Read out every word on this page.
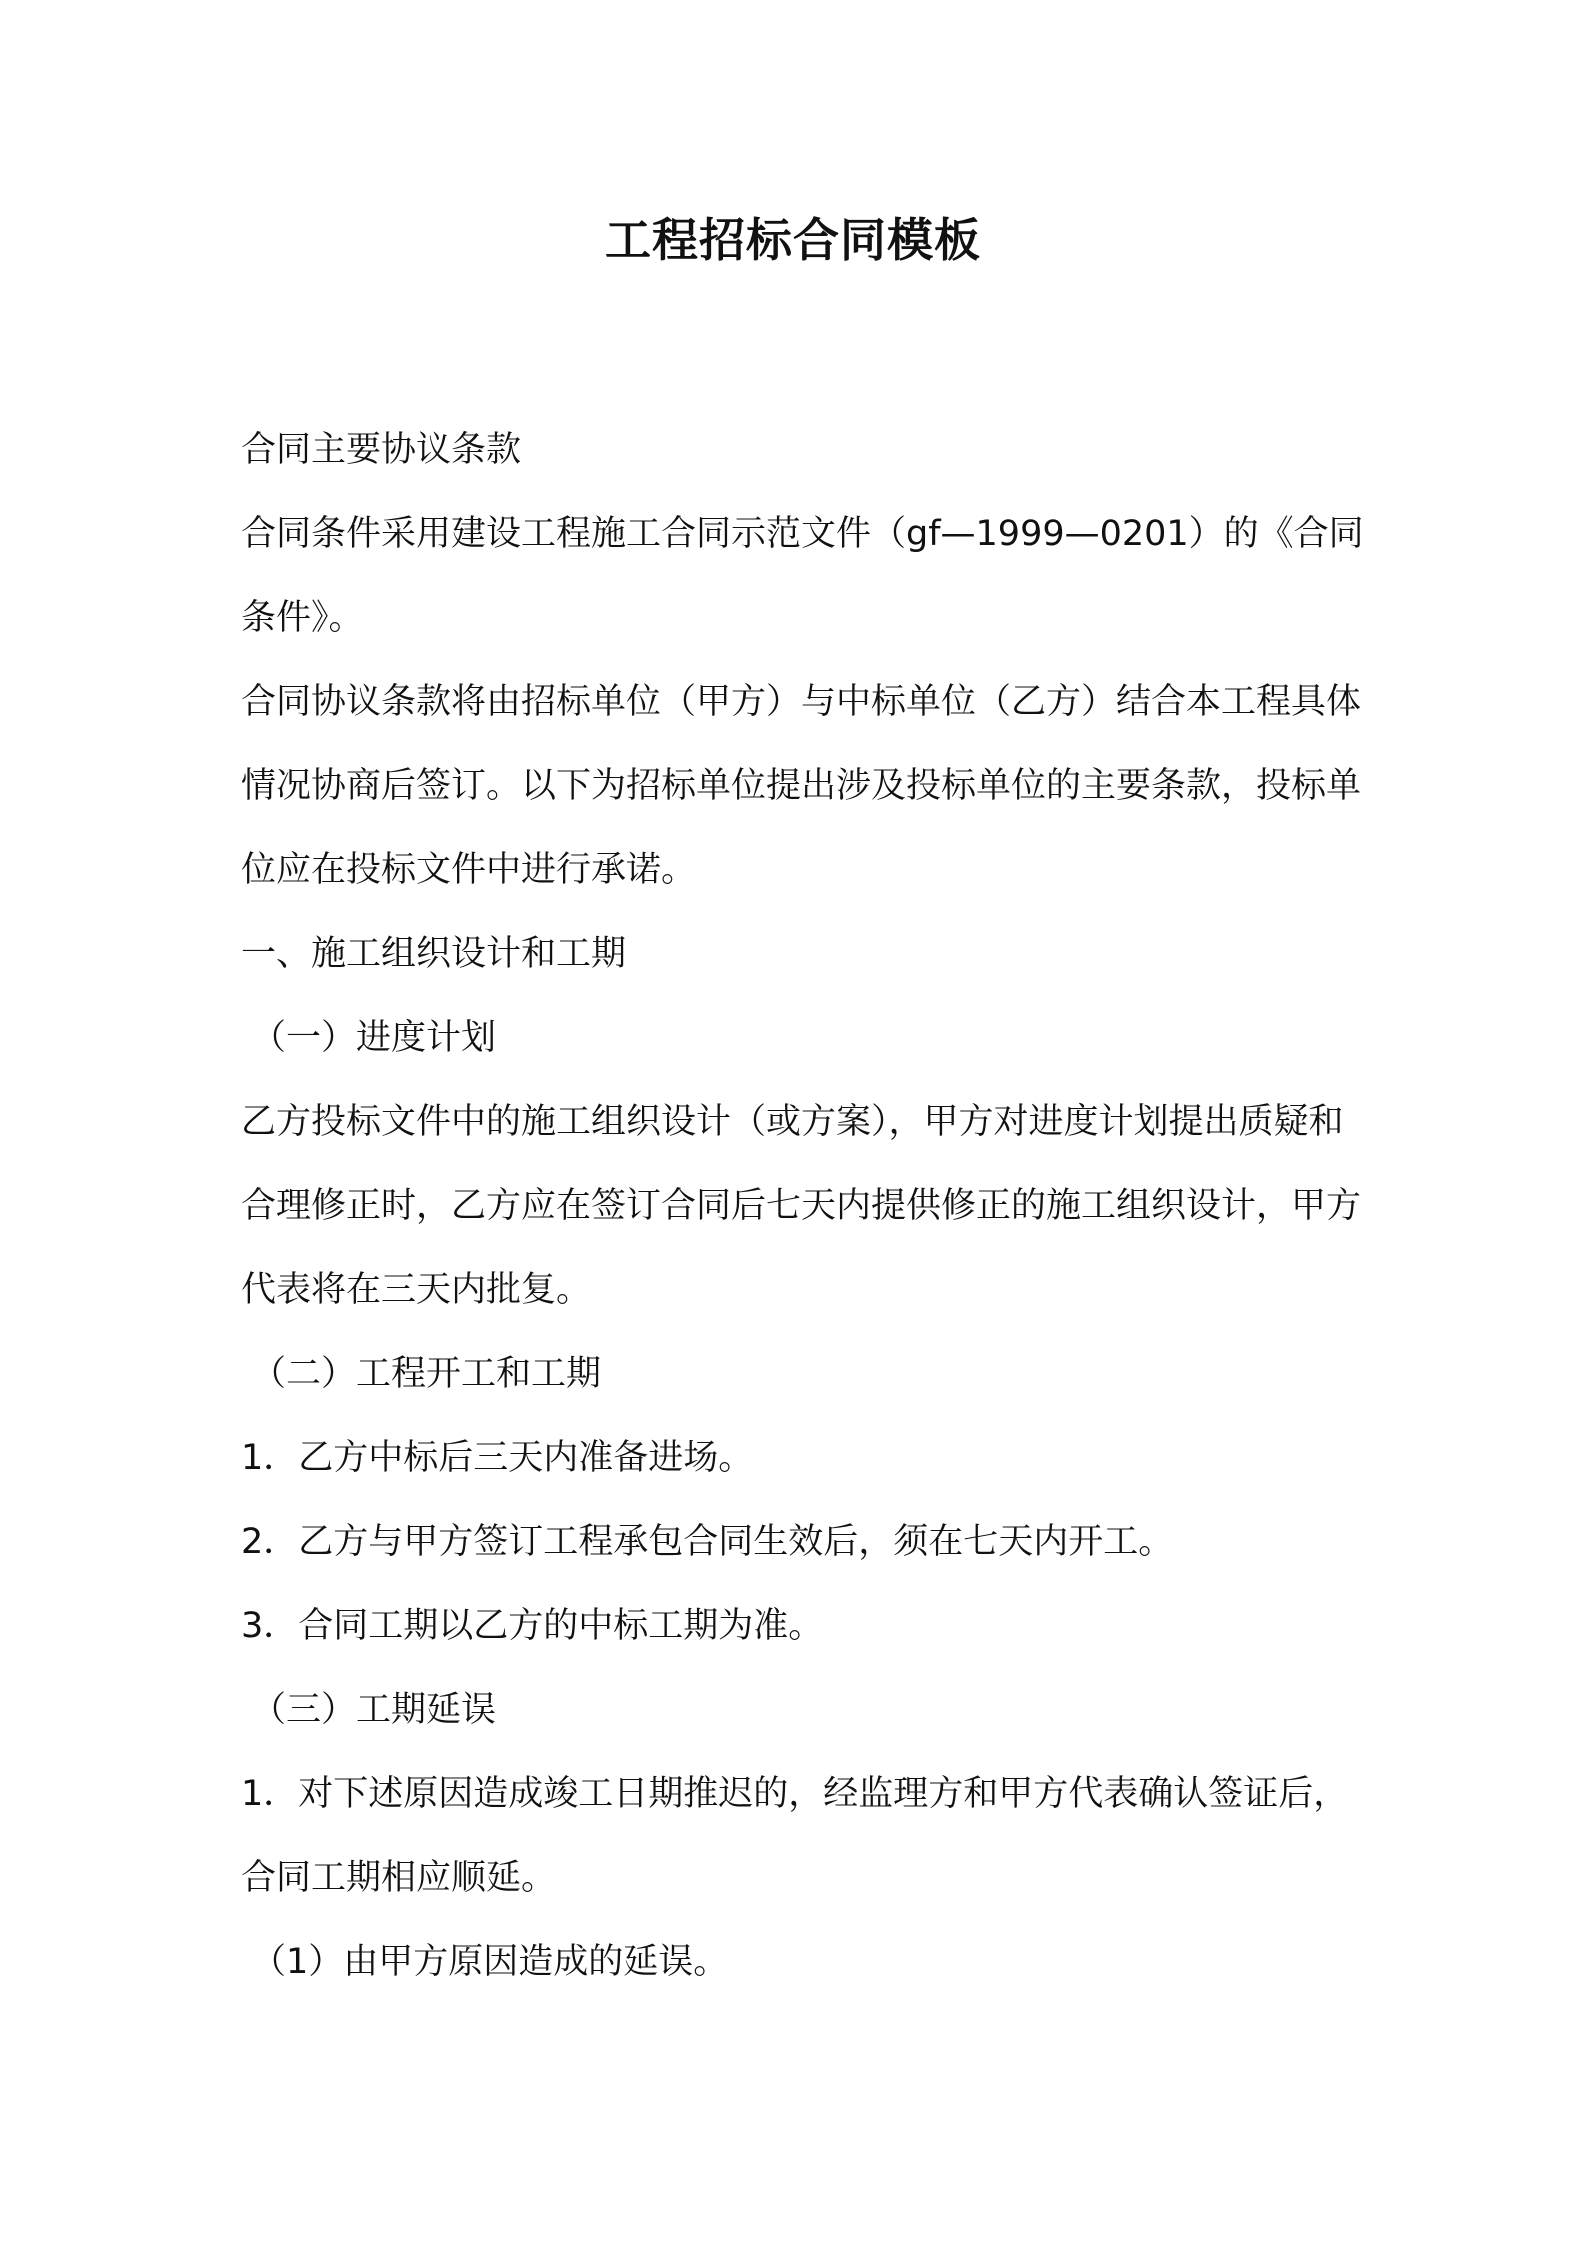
工程招标合同模板

合同主要协议条款

合同条件采用建设工程施工合同示范文件（gf—1999—0201）的《合同条件》。

合同协议条款将由招标单位（甲方）与中标单位（乙方）结合本工程具体情况协商后签订。以下为招标单位提出涉及投标单位的主要条款，投标单位应在投标文件中进行承诺。

一、施工组织设计和工期

（一）进度计划

乙方投标文件中的施工组织设计（或方案），甲方对进度计划提出质疑和合理修正时，乙方应在签订合同后七天内提供修正的施工组织设计，甲方代表将在三天内批复。

（二）工程开工和工期

1．乙方中标后三天内准备进场。

2．乙方与甲方签订工程承包合同生效后，须在七天内开工。

3．合同工期以乙方的中标工期为准。

（三）工期延误

1．对下述原因造成竣工日期推迟的，经监理方和甲方代表确认签证后，合同工期相应顺延。

（1）由甲方原因造成的延误。
